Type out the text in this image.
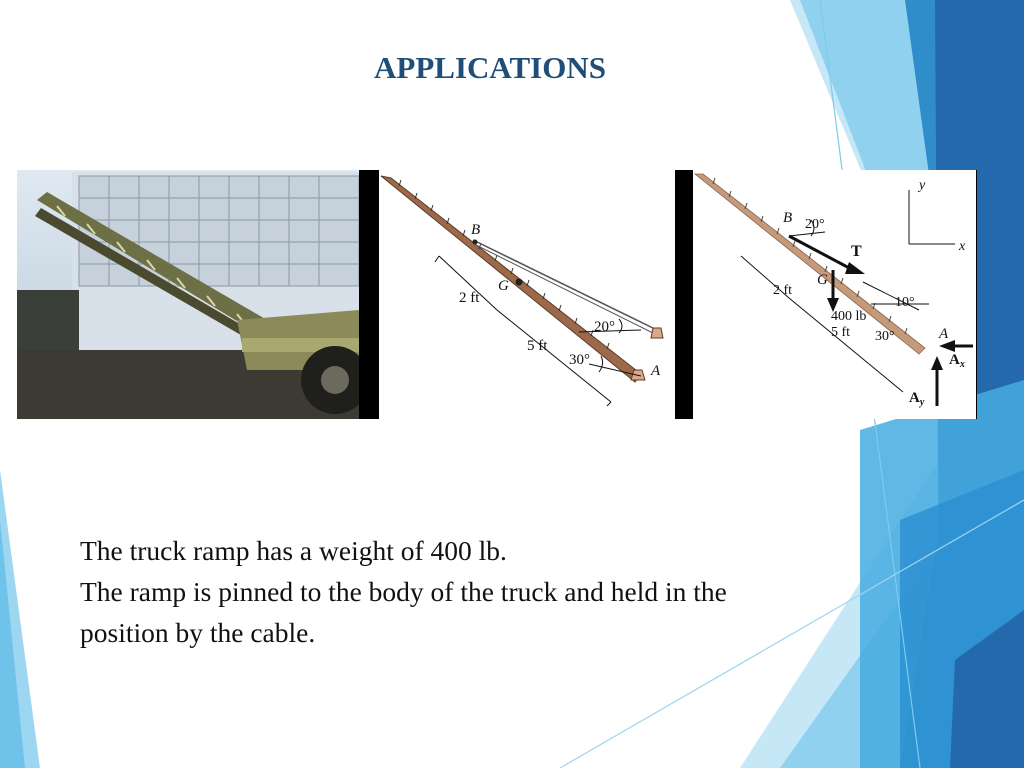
APPLICATIONS
B
G
A
2 ft
5 ft
20°
30°
y
x
B 20°
T
G
2 ft
10°
400 lb
5 ft 30°	A
$A_x$
$A_y$
The truck ramp has a weight of 400 lb.
The ramp is pinned to the body of the truck and held in the
position by the cable.
